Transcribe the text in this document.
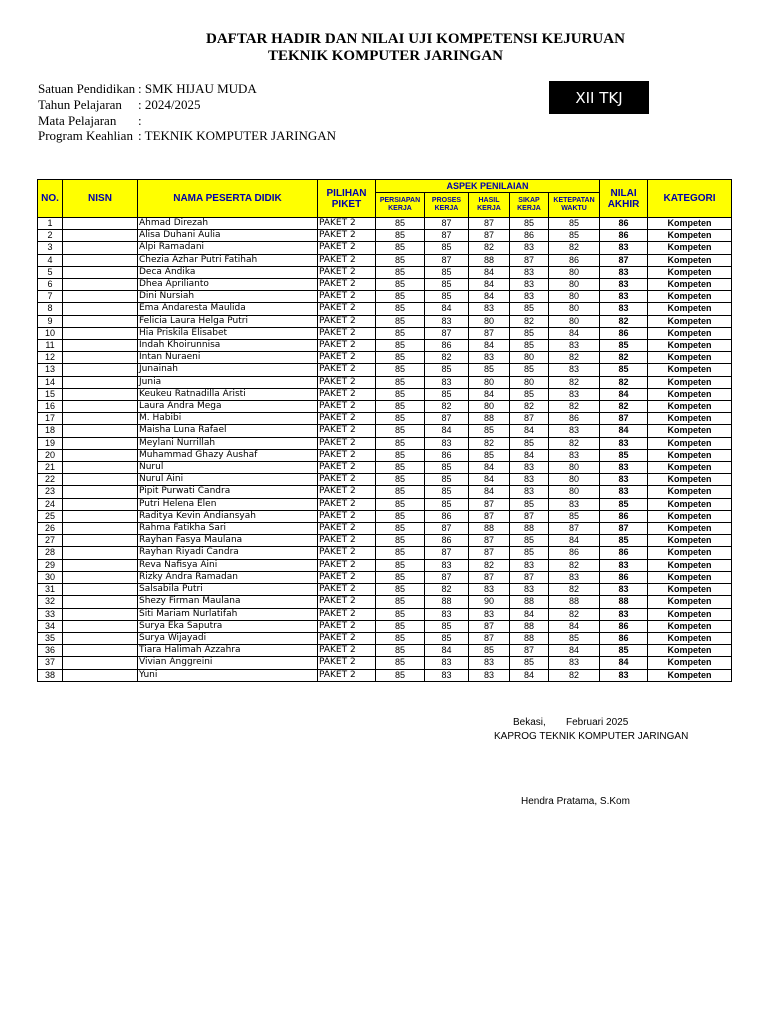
DAFTAR HADIR DAN NILAI UJI KOMPETENSI KEJURUAN
TEKNIK KOMPUTER JARINGAN
Satuan Pendidikan : SMK HIJAU MUDA
Tahun Pelajaran : 2024/2025
Mata Pelajaran :
Program Keahlian : TEKNIK KOMPUTER JARINGAN
XII TKJ
NO.	NISN	NAMA PESERTA DIDIK	PILIHAN PIKET	ASPEK PENILAIAN					NILAI AKHIR	KATEGORI
				PERSIAPAN KERJA	PROSES KERJA	HASIL KERJA	SIKAP KERJA	KETEPATAN WAKTU		
1		Ahmad Direzah	PAKET 2	85	87	87	85	85	86	Kompeten
2		Alisa Duhani Aulia	PAKET 2	85	87	87	86	85	86	Kompeten
3		Alpi Ramadani	PAKET 2	85	85	82	83	82	83	Kompeten
4		Chezia Azhar Putri Fatihah	PAKET 2	85	87	88	87	86	87	Kompeten
5		Deca Andika	PAKET 2	85	85	84	83	80	83	Kompeten
6		Dhea Aprilianto	PAKET 2	85	85	84	83	80	83	Kompeten
7		Dini Nursiah	PAKET 2	85	85	84	83	80	83	Kompeten
8		Ema Andaresta Maulida	PAKET 2	85	84	83	85	80	83	Kompeten
9		Felicia Laura Helga Putri	PAKET 2	85	83	80	82	80	82	Kompeten
10		Hia Priskila Elisabet	PAKET 2	85	87	87	85	84	86	Kompeten
11		Indah Khoirunnisa	PAKET 2	85	86	84	85	83	85	Kompeten
12		Intan Nuraeni	PAKET 2	85	82	83	80	82	82	Kompeten
13		Junainah	PAKET 2	85	85	85	85	83	85	Kompeten
14		Junia	PAKET 2	85	83	80	80	82	82	Kompeten
15		Keukeu Ratnadilla Aristi	PAKET 2	85	85	84	85	83	84	Kompeten
16		Laura Andra Mega	PAKET 2	85	82	80	82	82	82	Kompeten
17		M. Habibi	PAKET 2	85	87	88	87	86	87	Kompeten
18		Maisha Luna Rafael	PAKET 2	85	84	85	84	83	84	Kompeten
19		Meylani Nurrillah	PAKET 2	85	83	82	85	82	83	Kompeten
20		Muhammad Ghazy Aushaf	PAKET 2	85	86	85	84	83	85	Kompeten
21		Nurul	PAKET 2	85	85	84	83	80	83	Kompeten
22		Nurul Aini	PAKET 2	85	85	84	83	80	83	Kompeten
23		Pipit Purwati Candra	PAKET 2	85	85	84	83	80	83	Kompeten
24		Putri Helena Elen	PAKET 2	85	85	87	85	83	85	Kompeten
25		Raditya Kevin Andiansyah	PAKET 2	85	86	87	87	85	86	Kompeten
26		Rahma Fatikha Sari	PAKET 2	85	87	88	88	87	87	Kompeten
27		Rayhan Fasya Maulana	PAKET 2	85	86	87	85	84	85	Kompeten
28		Rayhan Riyadi Candra	PAKET 2	85	87	87	85	86	86	Kompeten
29		Reva Nafisya Aini	PAKET 2	85	83	82	83	82	83	Kompeten
30		Rizky Andra Ramadan	PAKET 2	85	87	87	87	83	86	Kompeten
31		Salsabila Putri	PAKET 2	85	82	83	83	82	83	Kompeten
32		Shezy Firman Maulana	PAKET 2	85	88	90	88	88	88	Kompeten
33		Siti Mariam Nurlatifah	PAKET 2	85	83	83	84	82	83	Kompeten
34		Surya Eka Saputra	PAKET 2	85	85	87	88	84	86	Kompeten
35		Surya Wijayadi	PAKET 2	85	85	87	88	85	86	Kompeten
36		Tiara Halimah Azzahra	PAKET 2	85	84	85	87	84	85	Kompeten
37		Vivian Anggreini	PAKET 2	85	83	83	85	83	84	Kompeten
38		Yuni	PAKET 2	85	83	83	84	82	83	Kompeten
Bekasi, Februari 2025
KAPROG TEKNIK KOMPUTER JARINGAN
Hendra Pratama, S.Kom
